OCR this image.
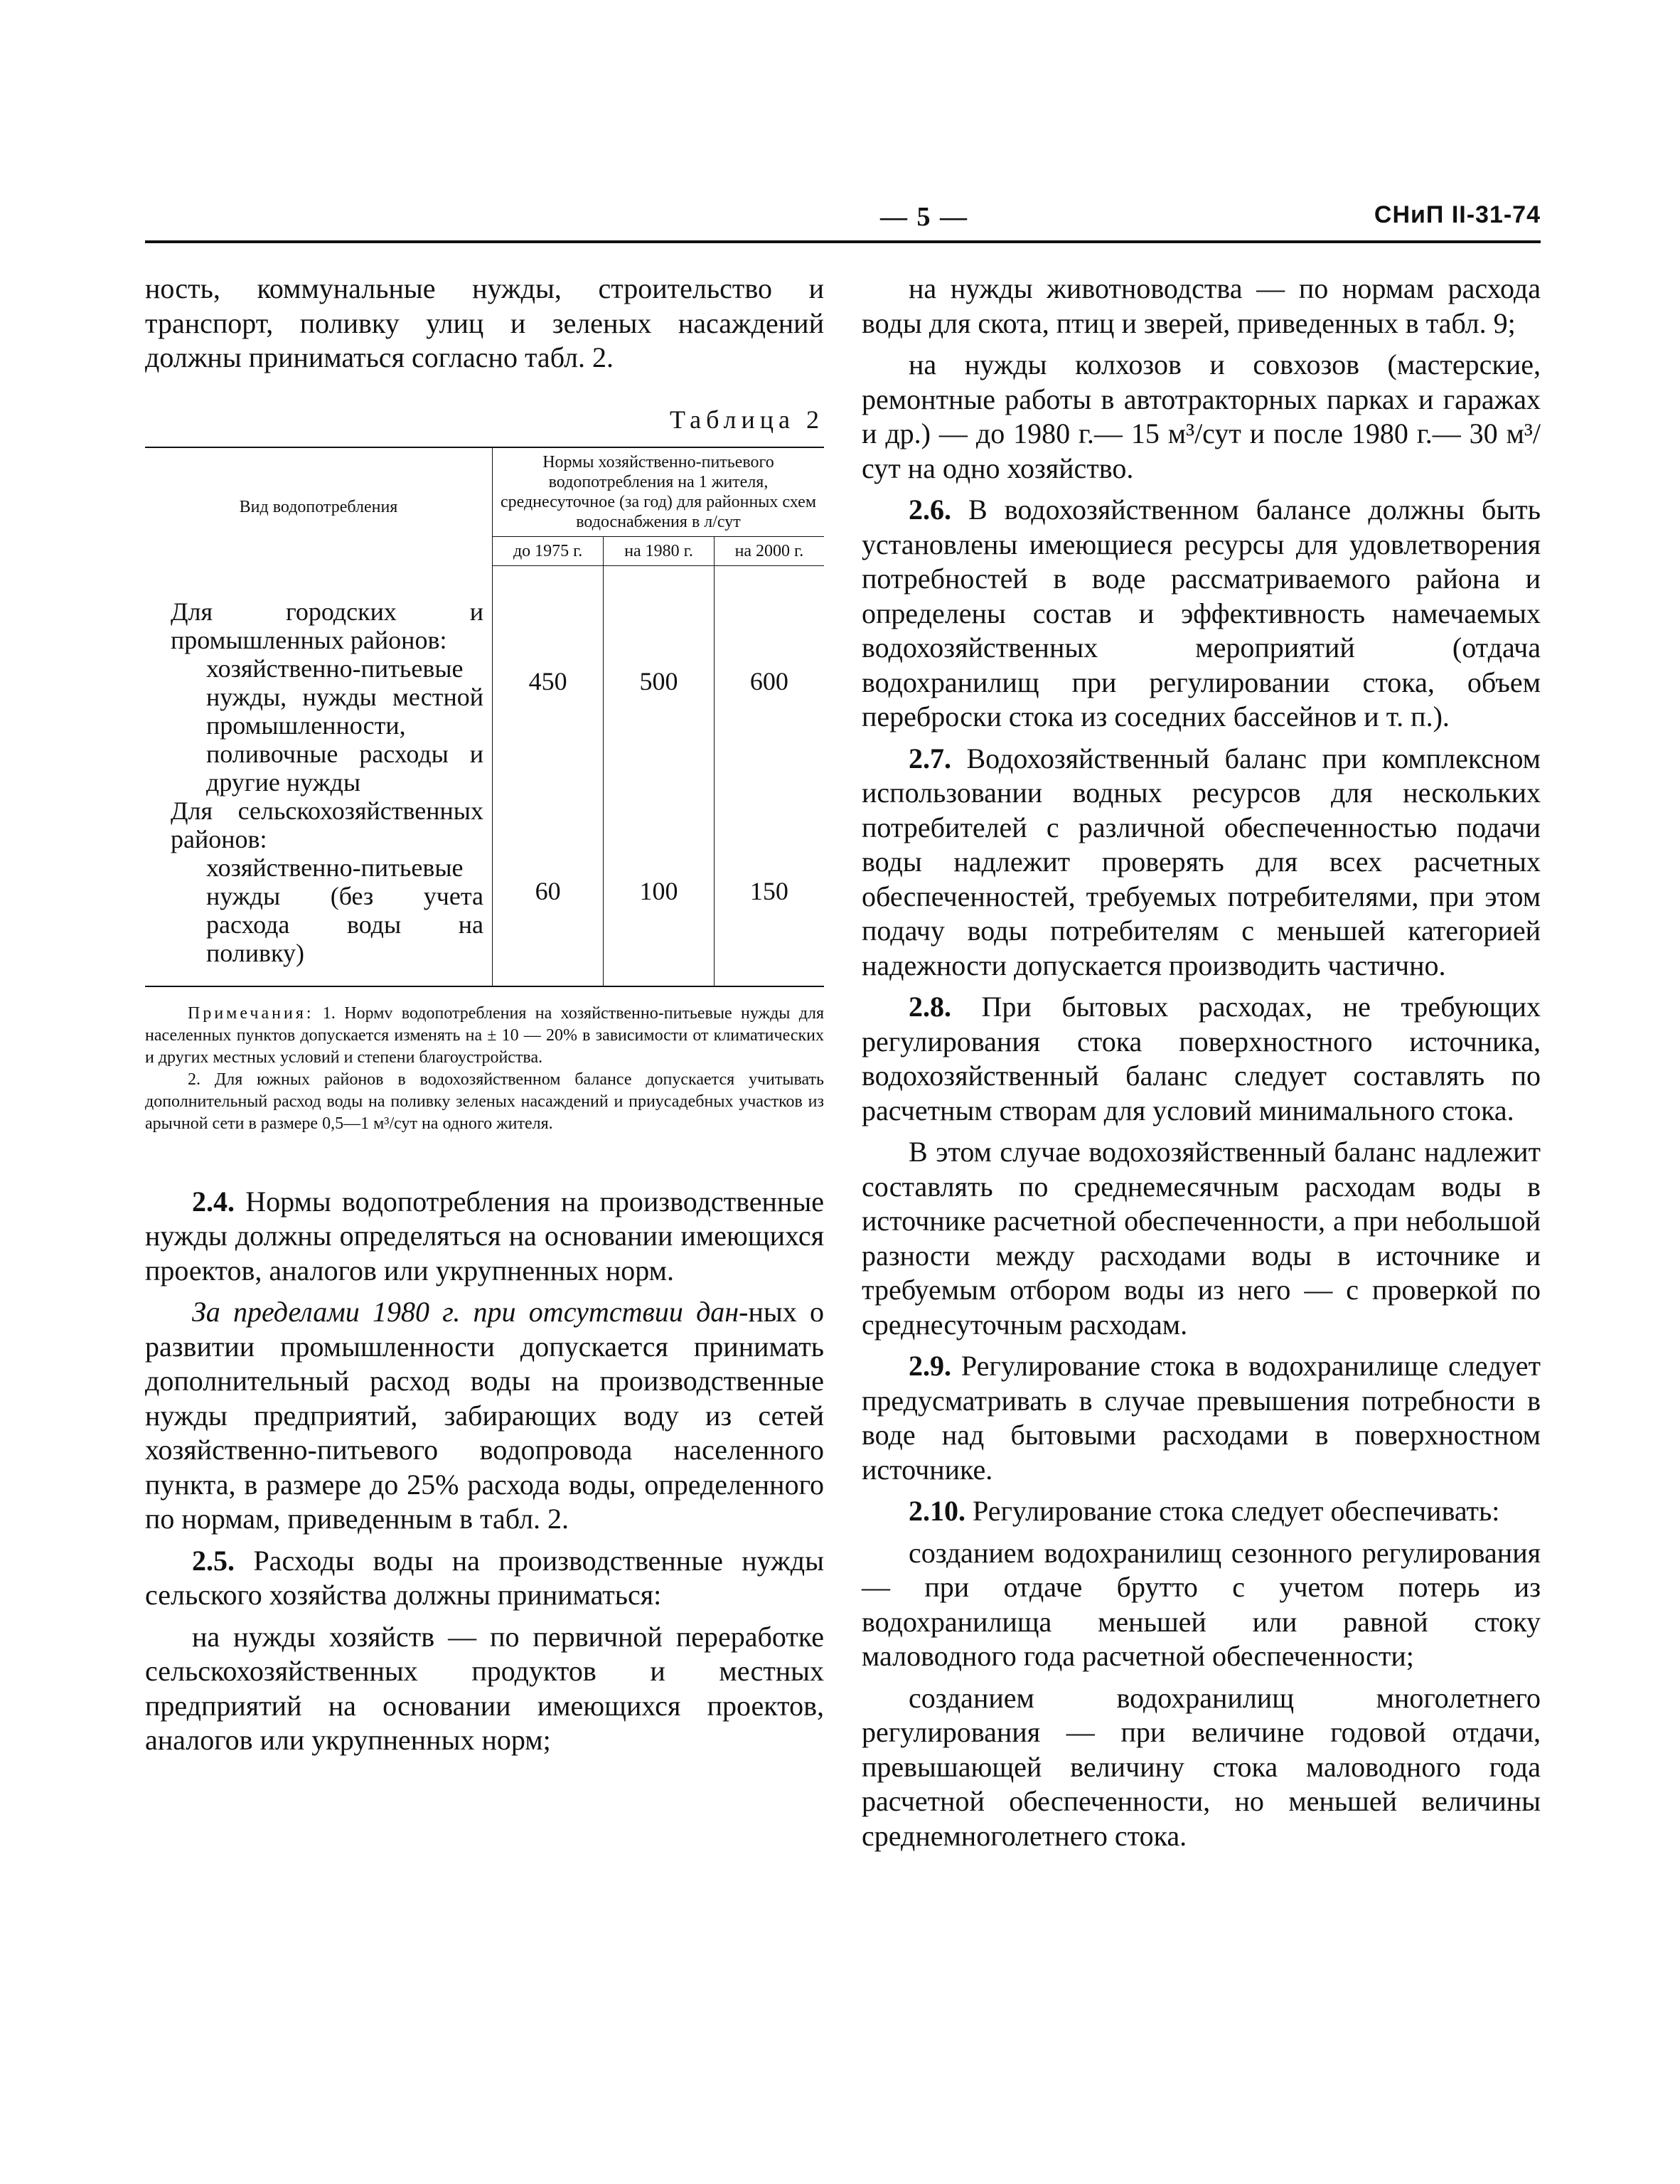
— 5 —	СНиП II-31-74

ность, коммунальные нужды, строительство и транспорт, поливку улиц и зеленых насаждений должны приниматься согласно табл. 2.

Таблица 2
Вид водопотребления	Нормы хозяйственно-питьевого водопотребления на 1 жителя, среднесуточное (за год) для районных схем водоснабжения в л/сут		
	до 1975 г.	на 1980 г.	на 2000 г.
Для городских и промышленных районов:
хозяйственно-питьевые нужды, нужды местной промышленности, поливочные расходы и другие нужды	450	500	600
Для сельскохозяйственных районов:
хозяйственно-питьевые нужды (без учета расхода воды на поливку)	60	100	150

Примечания: 1. Нормv водопотребления на хозяйственно-питьевые нужды для населенных пунктов допускается изменять на ± 10 — 20% в зависимости от климатических и других местных условий и степени благоустройства.

2. Для южных районов в водохозяйственном балансе допускается учитывать дополнительный расход воды на поливку зеленых насаждений и приусадебных участков из арычной сети в размере 0,5—1 м³/сут на одного жителя.

2.4. Нормы водопотребления на производственные нужды должны определяться на основании имеющихся проектов, аналогов или укрупненных норм.

За пределами 1980 г. при отсутствии дан-ных о развитии промышленности допускается принимать дополнительный расход воды на производственные нужды предприятий, забирающих воду из сетей хозяйственно-питьевого водопровода населенного пункта, в размере до 25% расхода воды, определенного по нормам, приведенным в табл. 2.

2.5. Расходы воды на производственные нужды сельского хозяйства должны приниматься:

на нужды хозяйств — по первичной переработке сельскохозяйственных продуктов и местных предприятий на основании имеющихся проектов, аналогов или укрупненных норм;

на нужды животноводства — по нормам расхода воды для скота, птиц и зверей, приведенных в табл. 9;

на нужды колхозов и совхозов (мастерские, ремонтные работы в автотракторных парках и гаражах и др.) — до 1980 г.— 15 м³/сут и после 1980 г.— 30 м³/сут на одно хозяйство.

2.6. В водохозяйственном балансе должны быть установлены имеющиеся ресурсы для удовлетворения потребностей в воде рассматриваемого района и определены состав и эффективность намечаемых водохозяйственных мероприятий (отдача водохранилищ при регулировании стока, объем переброски стока из соседних бассейнов и т. п.).

2.7. Водохозяйственный баланс при комплексном использовании водных ресурсов для нескольких потребителей с различной обеспеченностью подачи воды надлежит проверять для всех расчетных обеспеченностей, требуемых потребителями, при этом подачу воды потребителям с меньшей категорией надежности допускается производить частично.

2.8. При бытовых расходах, не требующих регулирования стока поверхностного источника, водохозяйственный баланс следует составлять по расчетным створам для условий минимального стока.

В этом случае водохозяйственный баланс надлежит составлять по среднемесячным расходам воды в источнике расчетной обеспеченности, а при небольшой разности между расходами воды в источнике и требуемым отбором воды из него — с проверкой по среднесуточным расходам.

2.9. Регулирование стока в водохранилище следует предусматривать в случае превышения потребности в воде над бытовыми расходами в поверхностном источнике.

2.10. Регулирование стока следует обеспечивать:

созданием водохранилищ сезонного регулирования — при отдаче брутто с учетом потерь из водохранилища меньшей или равной стоку маловодного года расчетной обеспеченности;

созданием водохранилищ многолетнего регулирования — при величине годовой отдачи, превышающей величину стока маловодного года расчетной обеспеченности, но меньшей величины среднемноголетнего стока.
